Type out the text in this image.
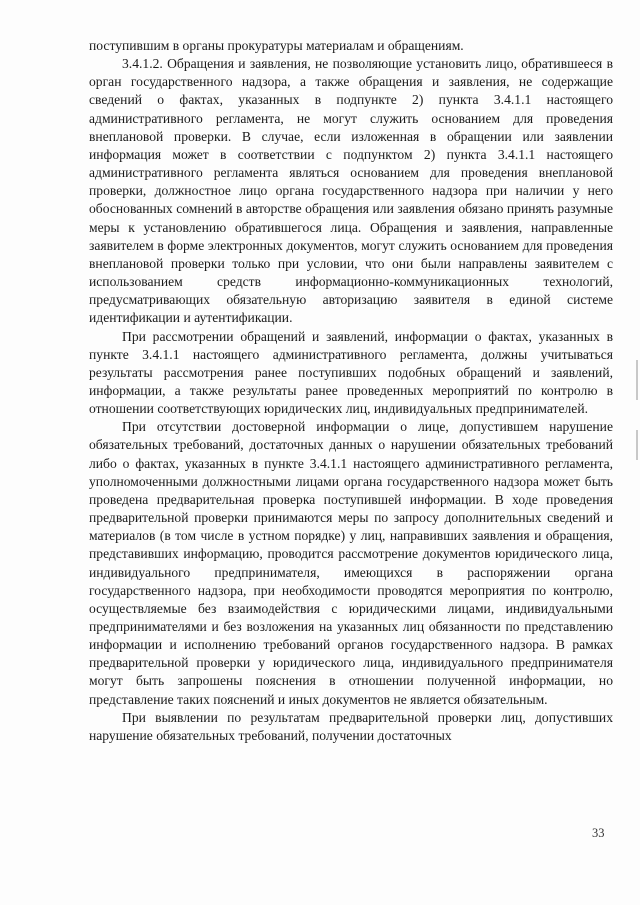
поступившим в органы прокуратуры материалам и обращениям.

3.4.1.2. Обращения и заявления, не позволяющие установить лицо, обратившееся в орган государственного надзора, а также обращения и заявления, не содержащие сведений о фактах, указанных в подпункте 2) пункта 3.4.1.1 настоящего административного регламента, не могут служить основанием для проведения внеплановой проверки. В случае, если изложенная в обращении или заявлении информация может в соответствии с подпунктом 2) пункта 3.4.1.1 настоящего административного регламента являться основанием для проведения внеплановой проверки, должностное лицо органа государственного надзора при наличии у него обоснованных сомнений в авторстве обращения или заявления обязано принять разумные меры к установлению обратившегося лица. Обращения и заявления, направленные заявителем в форме электронных документов, могут служить основанием для проведения внеплановой проверки только при условии, что они были направлены заявителем с использованием средств информационно-коммуникационных технологий, предусматривающих обязательную авторизацию заявителя в единой системе идентификации и аутентификации.

При рассмотрении обращений и заявлений, информации о фактах, указанных в пункте 3.4.1.1 настоящего административного регламента, должны учитываться результаты рассмотрения ранее поступивших подобных обращений и заявлений, информации, а также результаты ранее проведенных мероприятий по контролю в отношении соответствующих юридических лиц, индивидуальных предпринимателей.

При отсутствии достоверной информации о лице, допустившем нарушение обязательных требований, достаточных данных о нарушении обязательных требований либо о фактах, указанных в пункте 3.4.1.1 настоящего административного регламента, уполномоченными должностными лицами органа государственного надзора может быть проведена предварительная проверка поступившей информации. В ходе проведения предварительной проверки принимаются меры по запросу дополнительных сведений и материалов (в том числе в устном порядке) у лиц, направивших заявления и обращения, представивших информацию, проводится рассмотрение документов юридического лица, индивидуального предпринимателя, имеющихся в распоряжении органа государственного надзора, при необходимости проводятся мероприятия по контролю, осуществляемые без взаимодействия с юридическими лицами, индивидуальными предпринимателями и без возложения на указанных лиц обязанности по представлению информации и исполнению требований органов государственного надзора. В рамках предварительной проверки у юридического лица, индивидуального предпринимателя могут быть запрошены пояснения в отношении полученной информации, но представление таких пояснений и иных документов не является обязательным.

При выявлении по результатам предварительной проверки лиц, допустивших нарушение обязательных требований, получении достаточных

33
